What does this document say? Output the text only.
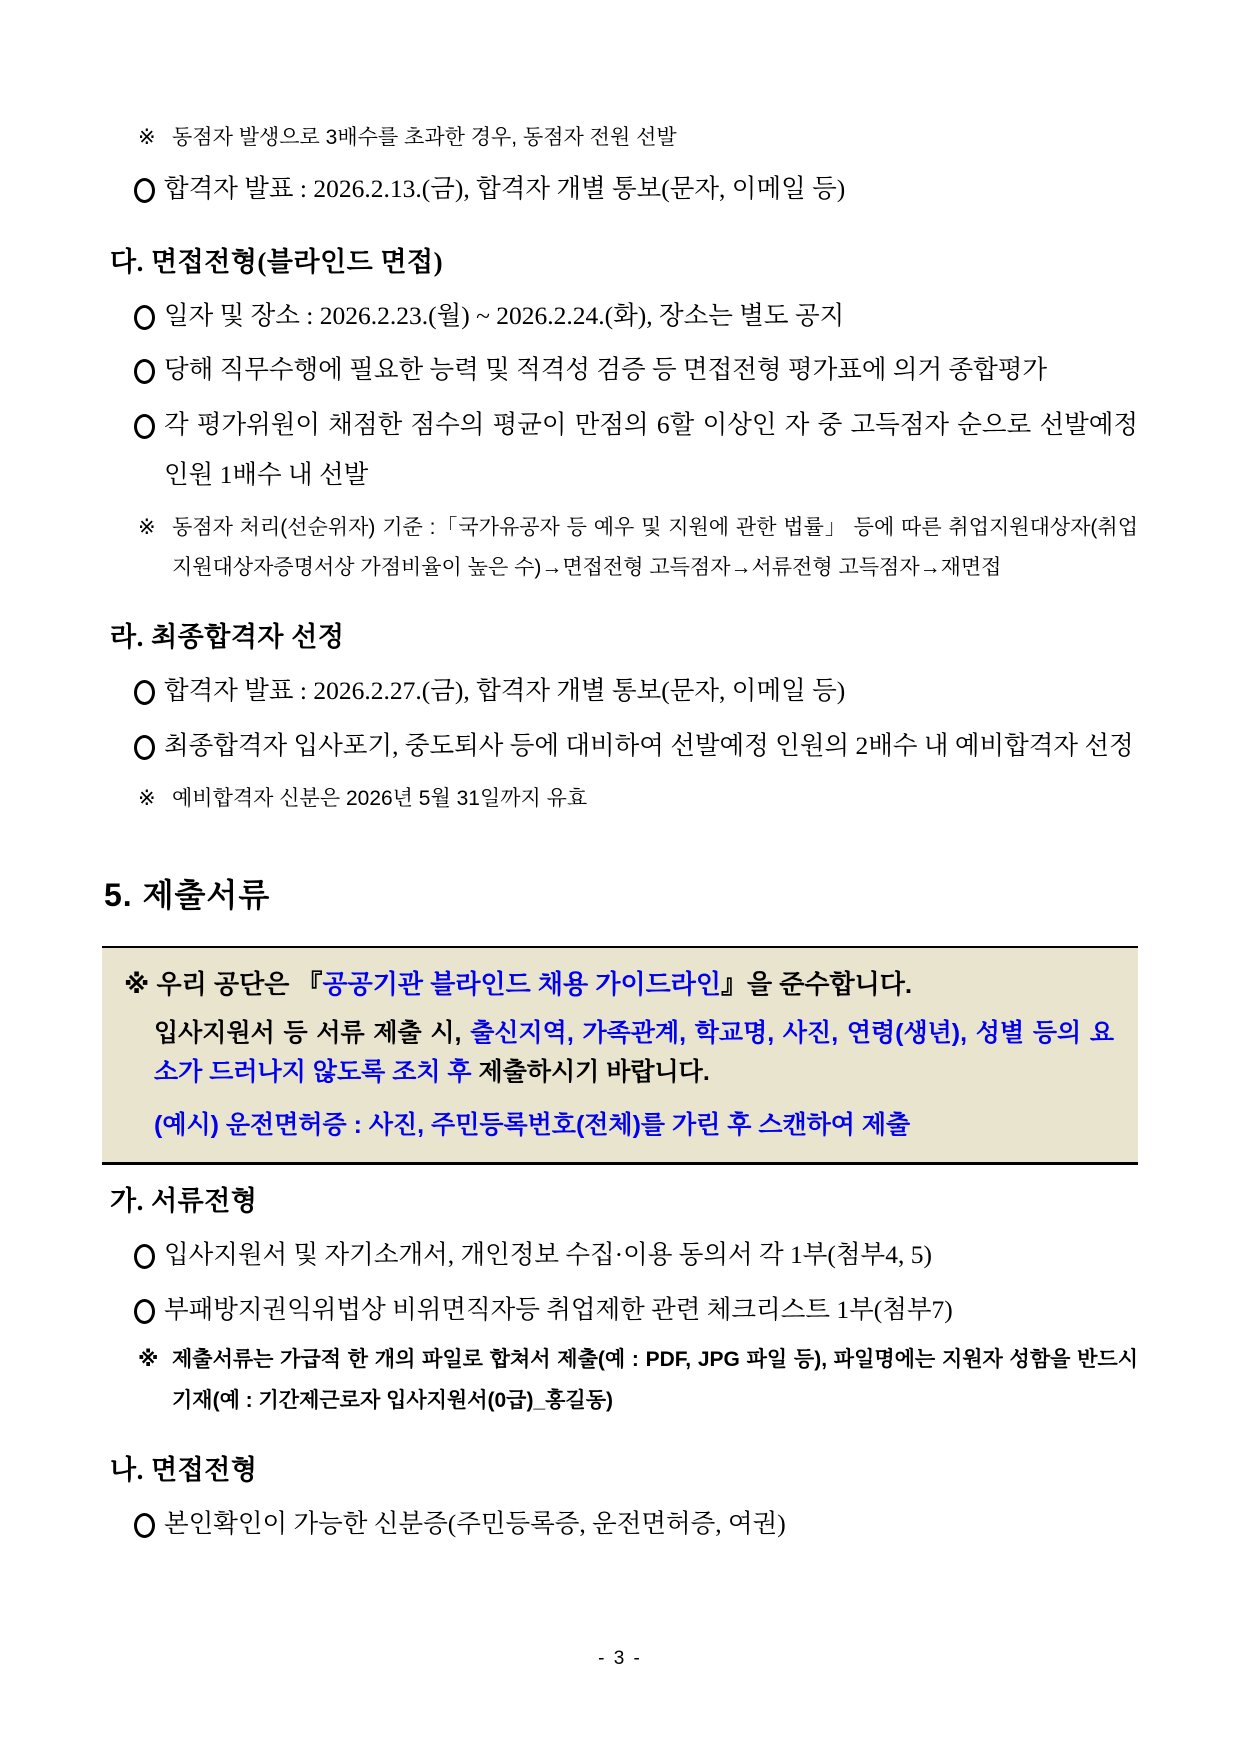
※ 동점자 발생으로 3배수를 초과한 경우, 동점자 전원 선발
합격자 발표 : 2026.2.13.(금), 합격자 개별 통보(문자, 이메일 등)
다. 면접전형(블라인드 면접)
일자 및 장소 : 2026.2.23.(월) ~ 2026.2.24.(화), 장소는 별도 공지
당해 직무수행에 필요한 능력 및 적격성 검증 등 면접전형 평가표에 의거 종합평가
각 평가위원이 채점한 점수의 평균이 만점의 6할 이상인 자 중 고득점자 순으로 선발예정 인원 1배수 내 선발
※ 동점자 처리(선순위자) 기준 :「국가유공자 등 예우 및 지원에 관한 법률」 등에 따른 취업지원대상자(취업지원대상자증명서상 가점비율이 높은 수)→면접전형 고득점자→서류전형 고득점자→재면접
라. 최종합격자 선정
합격자 발표 : 2026.2.27.(금), 합격자 개별 통보(문자, 이메일 등)
최종합격자 입사포기, 중도퇴사 등에 대비하여 선발예정 인원의 2배수 내 예비합격자 선정
※ 예비합격자 신분은 2026년 5월 31일까지 유효
5. 제출서류

※ 우리 공단은 『공공기관 블라인드 채용 가이드라인』을 준수합니다.

입사지원서 등 서류 제출 시, 출신지역, 가족관계, 학교명, 사진, 연령(생년), 성별 등의 요소가 드러나지 않도록 조치 후 제출하시기 바랍니다.

(예시) 운전면허증 : 사진, 주민등록번호(전체)를 가린 후 스캔하여 제출

가. 서류전형
입사지원서 및 자기소개서, 개인정보 수집·이용 동의서 각 1부(첨부4, 5)
부패방지권익위법상 비위면직자등 취업제한 관련 체크리스트 1부(첨부7)
※ 제출서류는 가급적 한 개의 파일로 합쳐서 제출(예 : PDF, JPG 파일 등), 파일명에는 지원자 성함을 반드시 기재(예 : 기간제근로자 입사지원서(0급)_홍길동)
나. 면접전형
본인확인이 가능한 신분증(주민등록증, 운전면허증, 여권)
- 3 -
